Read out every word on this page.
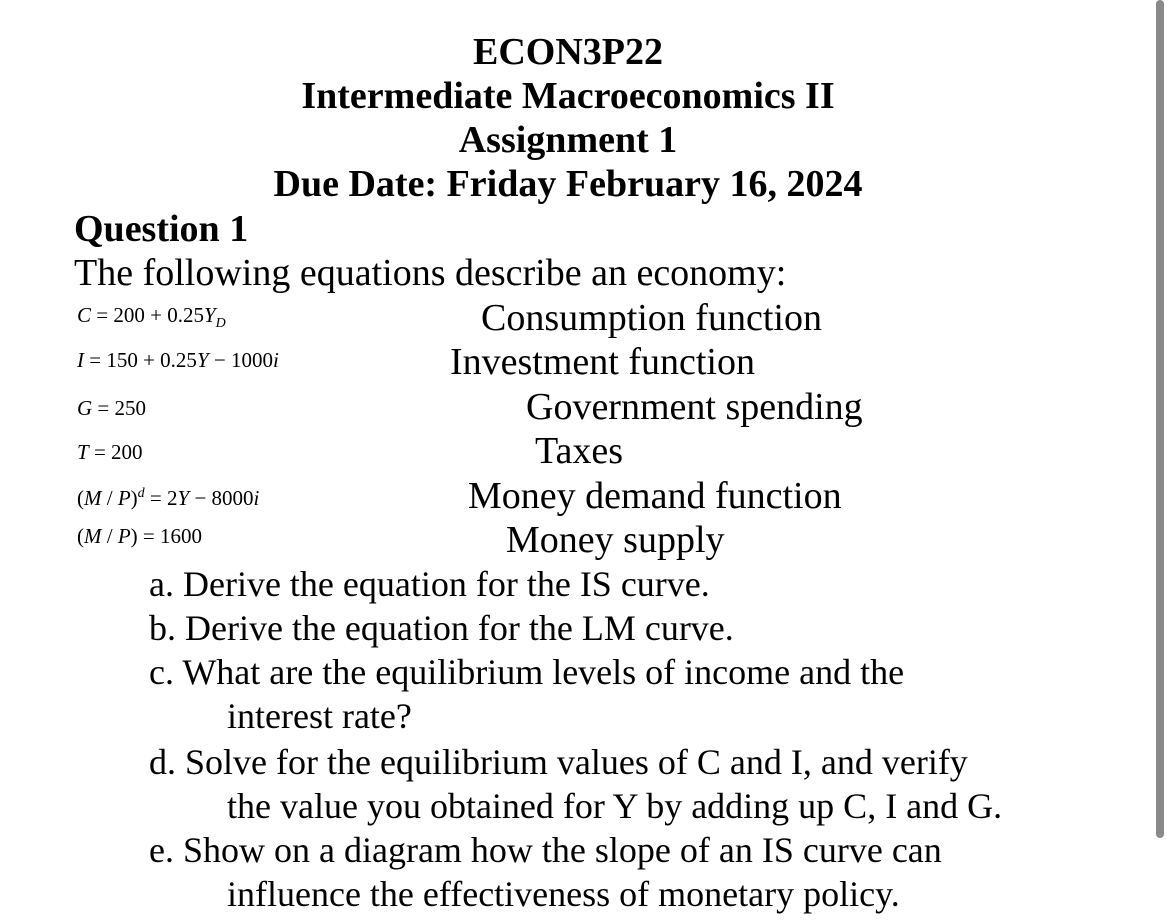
ECON3P22
Intermediate Macroeconomics II
Assignment 1
Due Date: Friday February 16, 2024
Question 1
The following equations describe an economy:
$C = 200 + 0.25Y_D$	Consumption function
I = 150 + 0.25Y − 1000i	Investment function
G = 250	Government spending
T = 200	Taxes
(M / P)$^d$ = 2Y − 8000i	Money demand function
(M / P) = 1600	Money supply
a. Derive the equation for the IS curve.
b. Derive the equation for the LM curve.
c. What are the equilibrium levels of income and the
interest rate?
d. Solve for the equilibrium values of C and I, and verify
the value you obtained for Y by adding up C, I and G.
e. Show on a diagram how the slope of an IS curve can
influence the effectiveness of monetary policy.
